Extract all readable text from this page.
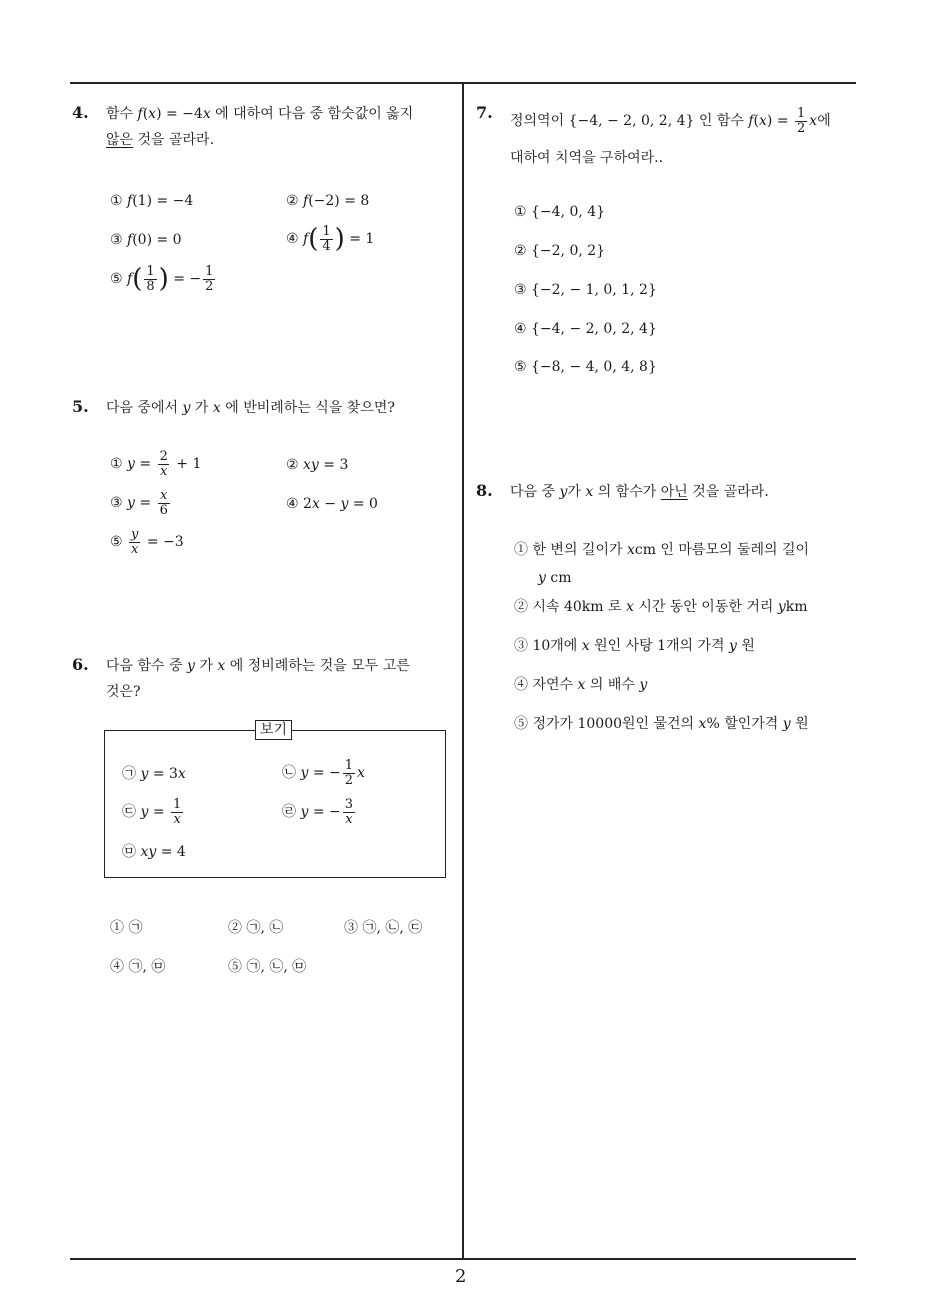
2
4. 함수 f(x) = −4x 에 대하여 다음 중 함숫값이 옳지
않은 것을 골라라.
① f(1) = −4	② f(−2) = 8
③ f(0) = 0	④ $f( \frac{1}{4}$ ) = 1
⑤ $f( \frac{1}{8}$ ) = − $\frac{1}{2}$
5. 다음 중에서 y 가 x 에 반비례하는 식을 찾으면?
① $y = \frac{2}{x} + 1$	② xy = 3
③ $y = \frac{x}{6}$	④ 2x − y = 0
⑤ $\frac{y}{x} = -3$
6. 다음 함수 중 y 가 x 에 정비례하는 것을 모두 고른
것은?
보기
㉠ y = 3x	㉡ y = − $\frac{1}{2}$ x
㉢ $y = \frac{1}{x}$	㉣ y = − $\frac{3}{x}$
㉤ xy = 4
① ㉠	② ㉠, ㉡	③ ㉠, ㉡, ㉢
④ ㉠, ㉤	⑤ ㉠, ㉡, ㉤
7. 정의역이 {−4, − 2, 0, 2, 4} 인 함수 $f(x) = \frac{1}{2}$ x에
대하여 치역을 구하여라..
① {−4, 0, 4}
② {−2, 0, 2}
③ {−2, − 1, 0, 1, 2}
④ {−4, − 2, 0, 2, 4}
⑤ {−8, − 4, 0, 4, 8}
8. 다음 중 y가 x 의 함수가 아닌 것을 골라라.
① 한 변의 길이가 xcm 인 마름모의 둘레의 길이
y cm
② 시속 40km 로 x 시간 동안 이동한 거리 ykm
③ 10개에 x 원인 사탕 1개의 가격 y 원
④ 자연수 x 의 배수 y
⑤ 정가가 10000원인 물건의 x% 할인가격 y 원
